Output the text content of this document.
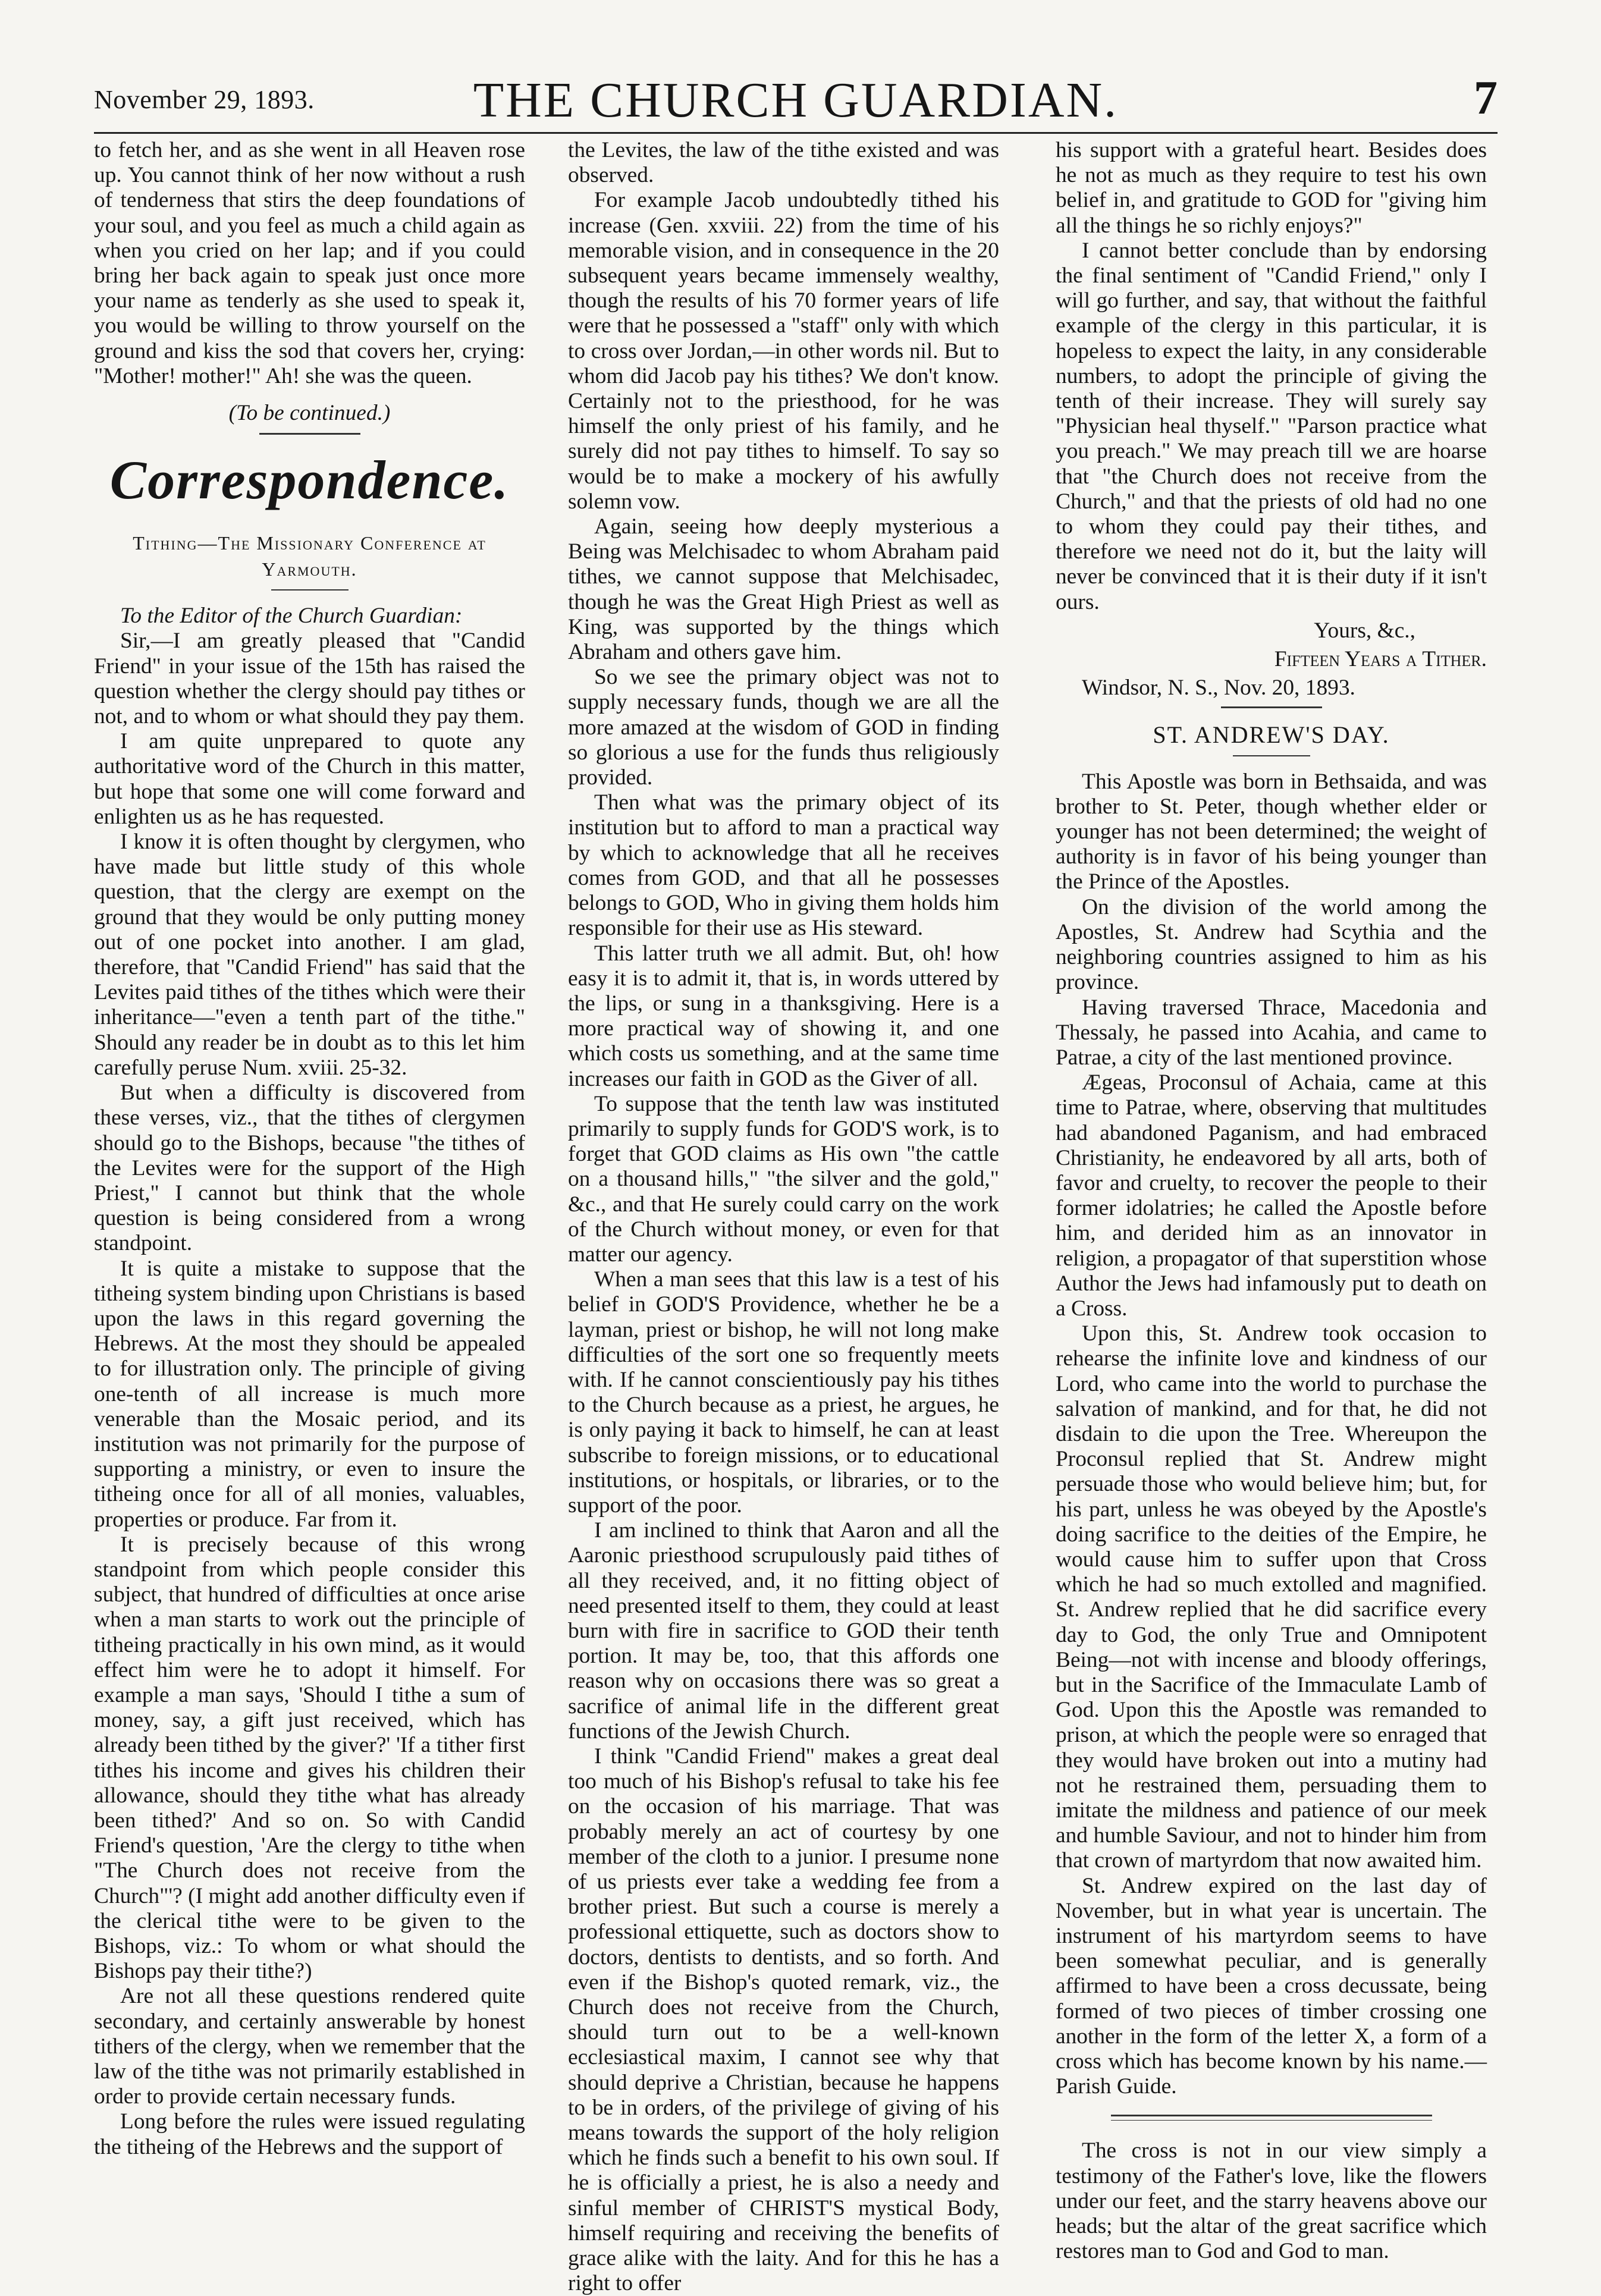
November 29, 1893.	THE CHURCH GUARDIAN.	7

to fetch her, and as she went in all Heaven rose up. You cannot think of her now without a rush of tenderness that stirs the deep foundations of your soul, and you feel as much a child again as when you cried on her lap; and if you could bring her back again to speak just once more your name as tenderly as she used to speak it, you would be willing to throw yourself on the ground and kiss the sod that covers her, crying: "Mother! mother!" Ah! she was the queen.

(To be continued.)
Correspondence.
Tithing—The Missionary Conference at Yarmouth.

To the Editor of the Church Guardian:

Sir,—I am greatly pleased that "Candid Friend" in your issue of the 15th has raised the question whether the clergy should pay tithes or not, and to whom or what should they pay them.

I am quite unprepared to quote any authoritative word of the Church in this matter, but hope that some one will come forward and enlighten us as he has requested.

I know it is often thought by clergymen, who have made but little study of this whole question, that the clergy are exempt on the ground that they would be only putting money out of one pocket into another. I am glad, therefore, that "Candid Friend" has said that the Levites paid tithes of the tithes which were their inheritance—"even a tenth part of the tithe." Should any reader be in doubt as to this let him carefully peruse Num. xviii. 25-32.

But when a difficulty is discovered from these verses, viz., that the tithes of clergymen should go to the Bishops, because "the tithes of the Levites were for the support of the High Priest," I cannot but think that the whole question is being considered from a wrong standpoint.

It is quite a mistake to suppose that the titheing system binding upon Christians is based upon the laws in this regard governing the Hebrews. At the most they should be appealed to for illustration only. The principle of giving one-tenth of all increase is much more venerable than the Mosaic period, and its institution was not primarily for the purpose of supporting a ministry, or even to insure the titheing once for all of all monies, valuables, properties or produce. Far from it.

It is precisely because of this wrong standpoint from which people consider this subject, that hundred of difficulties at once arise when a man starts to work out the principle of titheing practically in his own mind, as it would effect him were he to adopt it himself. For example a man says, 'Should I tithe a sum of money, say, a gift just received, which has already been tithed by the giver?' 'If a tither first tithes his income and gives his children their allowance, should they tithe what has already been tithed?' And so on. So with Candid Friend's question, 'Are the clergy to tithe when "The Church does not receive from the Church"'? (I might add another difficulty even if the clerical tithe were to be given to the Bishops, viz.: To whom or what should the Bishops pay their tithe?)

Are not all these questions rendered quite secondary, and certainly answerable by honest tithers of the clergy, when we remember that the law of the tithe was not primarily established in order to provide certain necessary funds.

Long before the rules were issued regulating the titheing of the Hebrews and the support of

the Levites, the law of the tithe existed and was observed.

For example Jacob undoubtedly tithed his increase (Gen. xxviii. 22) from the time of his memorable vision, and in consequence in the 20 subsequent years became immensely wealthy, though the results of his 70 former years of life were that he possessed a "staff" only with which to cross over Jordan,—in other words nil. But to whom did Jacob pay his tithes? We don't know. Certainly not to the priesthood, for he was himself the only priest of his family, and he surely did not pay tithes to himself. To say so would be to make a mockery of his awfully solemn vow.

Again, seeing how deeply mysterious a Being was Melchisadec to whom Abraham paid tithes, we cannot suppose that Melchisadec, though he was the Great High Priest as well as King, was supported by the things which Abraham and others gave him.

So we see the primary object was not to supply necessary funds, though we are all the more amazed at the wisdom of GOD in finding so glorious a use for the funds thus religiously provided.

Then what was the primary object of its institution but to afford to man a practical way by which to acknowledge that all he receives comes from GOD, and that all he possesses belongs to GOD, Who in giving them holds him responsible for their use as His steward.

This latter truth we all admit. But, oh! how easy it is to admit it, that is, in words uttered by the lips, or sung in a thanksgiving. Here is a more practical way of showing it, and one which costs us something, and at the same time increases our faith in GOD as the Giver of all.

To suppose that the tenth law was instituted primarily to supply funds for GOD'S work, is to forget that GOD claims as His own "the cattle on a thousand hills," "the silver and the gold," &c., and that He surely could carry on the work of the Church without money, or even for that matter our agency.

When a man sees that this law is a test of his belief in GOD'S Providence, whether he be a layman, priest or bishop, he will not long make difficulties of the sort one so frequently meets with. If he cannot conscientiously pay his tithes to the Church because as a priest, he argues, he is only paying it back to himself, he can at least subscribe to foreign missions, or to educational institutions, or hospitals, or libraries, or to the support of the poor.

I am inclined to think that Aaron and all the Aaronic priesthood scrupulously paid tithes of all they received, and, it no fitting object of need presented itself to them, they could at least burn with fire in sacrifice to GOD their tenth portion. It may be, too, that this affords one reason why on occasions there was so great a sacrifice of animal life in the different great functions of the Jewish Church.

I think "Candid Friend" makes a great deal too much of his Bishop's refusal to take his fee on the occasion of his marriage. That was probably merely an act of courtesy by one member of the cloth to a junior. I presume none of us priests ever take a wedding fee from a brother priest. But such a course is merely a professional ettiquette, such as doctors show to doctors, dentists to dentists, and so forth. And even if the Bishop's quoted remark, viz., the Church does not receive from the Church, should turn out to be a well-known ecclesiastical maxim, I cannot see why that should deprive a Christian, because he happens to be in orders, of the privilege of giving of his means towards the support of the holy religion which he finds such a benefit to his own soul. If he is officially a priest, he is also a needy and sinful member of CHRIST'S mystical Body, himself requiring and receiving the benefits of grace alike with the laity. And for this he has a right to offer

his support with a grateful heart. Besides does he not as much as they require to test his own belief in, and gratitude to GOD for "giving him all the things he so richly enjoys?"

I cannot better conclude than by endorsing the final sentiment of "Candid Friend," only I will go further, and say, that without the faithful example of the clergy in this particular, it is hopeless to expect the laity, in any considerable numbers, to adopt the principle of giving the tenth of their increase. They will surely say "Physician heal thyself." "Parson practice what you preach." We may preach till we are hoarse that "the Church does not receive from the Church," and that the priests of old had no one to whom they could pay their tithes, and therefore we need not do it, but the laity will never be convinced that it is their duty if it isn't ours.

Yours, &c.,
Fifteen Years a Tither.

Windsor, N. S., Nov. 20, 1893.

ST. ANDREW'S DAY.

This Apostle was born in Bethsaida, and was brother to St. Peter, though whether elder or younger has not been determined; the weight of authority is in favor of his being younger than the Prince of the Apostles.

On the division of the world among the Apostles, St. Andrew had Scythia and the neighboring countries assigned to him as his province.

Having traversed Thrace, Macedonia and Thessaly, he passed into Acahia, and came to Patrae, a city of the last mentioned province.

Ægeas, Proconsul of Achaia, came at this time to Patrae, where, observing that multitudes had abandoned Paganism, and had embraced Christianity, he endeavored by all arts, both of favor and cruelty, to recover the people to their former idolatries; he called the Apostle before him, and derided him as an innovator in religion, a propagator of that superstition whose Author the Jews had infamously put to death on a Cross.

Upon this, St. Andrew took occasion to rehearse the infinite love and kindness of our Lord, who came into the world to purchase the salvation of mankind, and for that, he did not disdain to die upon the Tree. Whereupon the Proconsul replied that St. Andrew might persuade those who would believe him; but, for his part, unless he was obeyed by the Apostle's doing sacrifice to the deities of the Empire, he would cause him to suffer upon that Cross which he had so much extolled and magnified. St. Andrew replied that he did sacrifice every day to God, the only True and Omnipotent Being—not with incense and bloody offerings, but in the Sacrifice of the Immaculate Lamb of God. Upon this the Apostle was remanded to prison, at which the people were so enraged that they would have broken out into a mutiny had not he restrained them, persuading them to imitate the mildness and patience of our meek and humble Saviour, and not to hinder him from that crown of martyrdom that now awaited him.

St. Andrew expired on the last day of November, but in what year is uncertain. The instrument of his martyrdom seems to have been somewhat peculiar, and is generally affirmed to have been a cross decussate, being formed of two pieces of timber crossing one another in the form of the letter X, a form of a cross which has become known by his name.—Parish Guide.

The cross is not in our view simply a testimony of the Father's love, like the flowers under our feet, and the starry heavens above our heads; but the altar of the great sacrifice which restores man to God and God to man.
